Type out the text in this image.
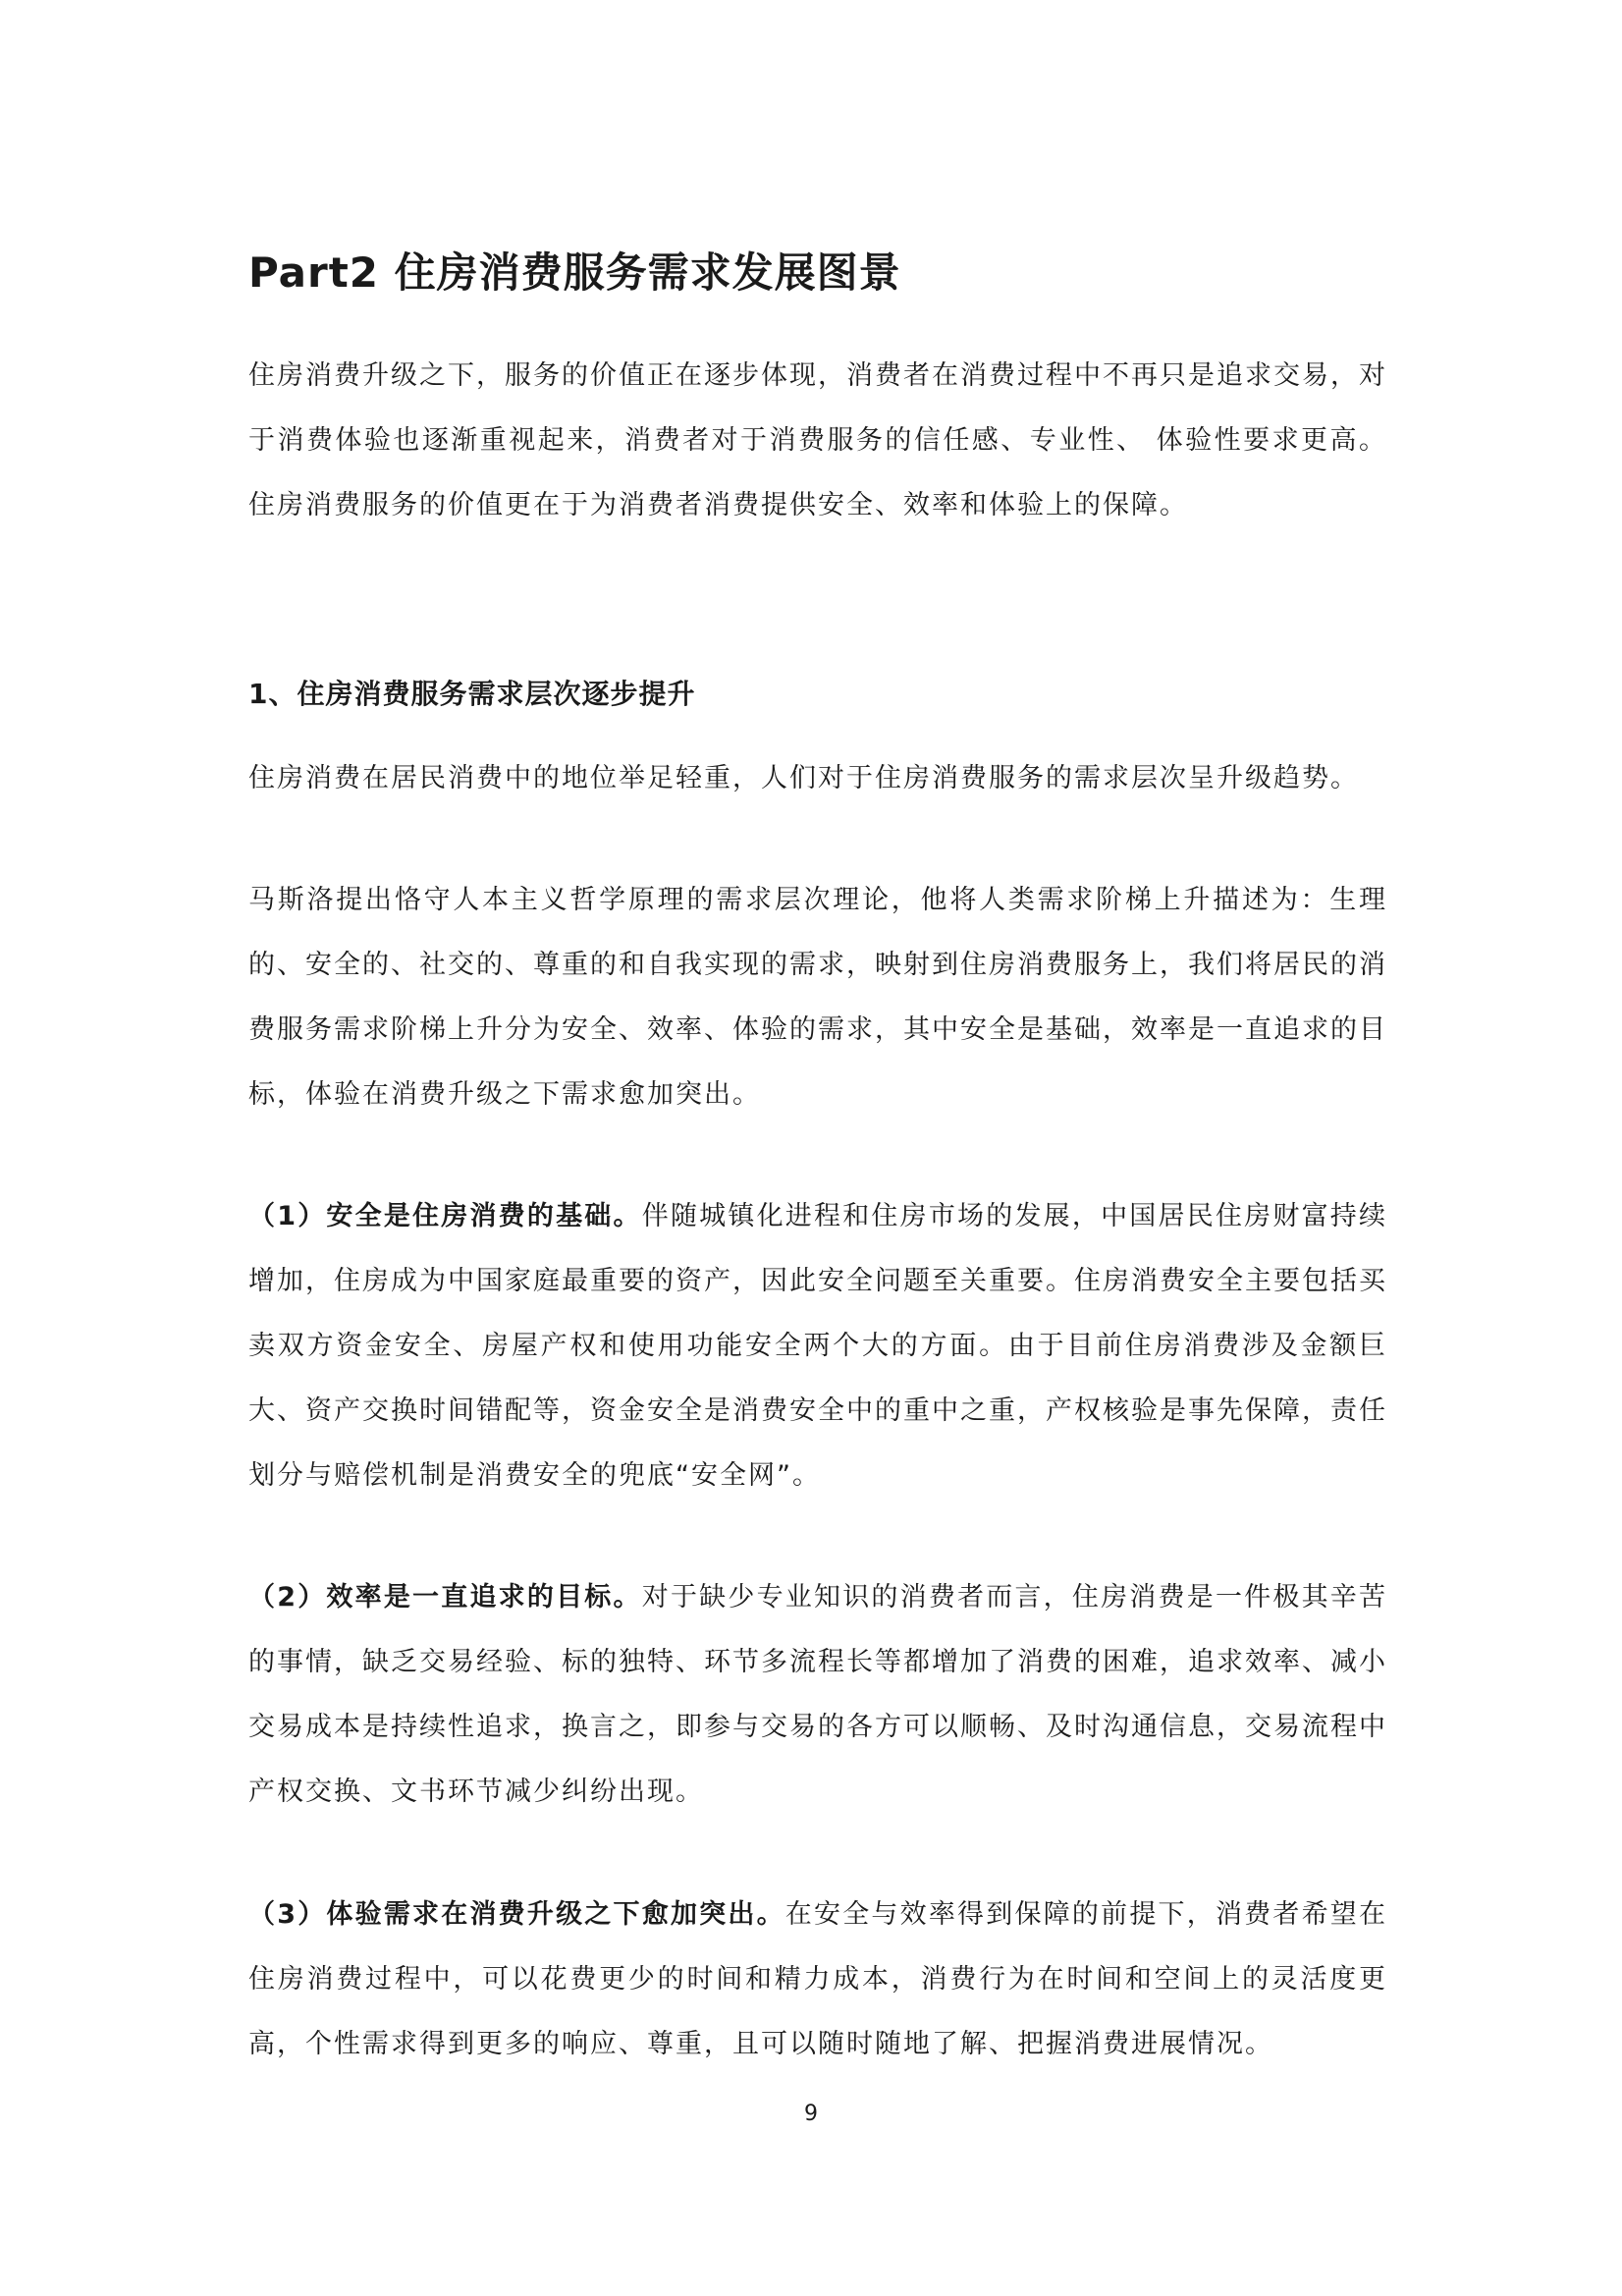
Part2 住房消费服务需求发展图景

住房消费升级之下，服务的价值正在逐步体现，消费者在消费过程中不再只是追求交易，对于消费体验也逐渐重视起来，消费者对于消费服务的信任感、专业性、 体验性要求更高。住房消费服务的价值更在于为消费者消费提供安全、效率和体验上的保障。

1、住房消费服务需求层次逐步提升

住房消费在居民消费中的地位举足轻重，人们对于住房消费服务的需求层次呈升级趋势。

马斯洛提出恪守人本主义哲学原理的需求层次理论，他将人类需求阶梯上升描述为：生理的、安全的、社交的、尊重的和自我实现的需求，映射到住房消费服务上，我们将居民的消费服务需求阶梯上升分为安全、效率、体验的需求，其中安全是基础，效率是一直追求的目标，体验在消费升级之下需求愈加突出。

（1）安全是住房消费的基础。伴随城镇化进程和住房市场的发展，中国居民住房财富持续增加，住房成为中国家庭最重要的资产，因此安全问题至关重要。住房消费安全主要包括买卖双方资金安全、房屋产权和使用功能安全两个大的方面。由于目前住房消费涉及金额巨大、资产交换时间错配等，资金安全是消费安全中的重中之重，产权核验是事先保障，责任划分与赔偿机制是消费安全的兜底“安全网”。

（2）效率是一直追求的目标。对于缺少专业知识的消费者而言，住房消费是一件极其辛苦的事情，缺乏交易经验、标的独特、环节多流程长等都增加了消费的困难，追求效率、减小交易成本是持续性追求，换言之，即参与交易的各方可以顺畅、及时沟通信息，交易流程中产权交换、文书环节减少纠纷出现。

（3）体验需求在消费升级之下愈加突出。在安全与效率得到保障的前提下，消费者希望在住房消费过程中，可以花费更少的时间和精力成本，消费行为在时间和空间上的灵活度更高，个性需求得到更多的响应、尊重，且可以随时随地了解、把握消费进展情况。

9
